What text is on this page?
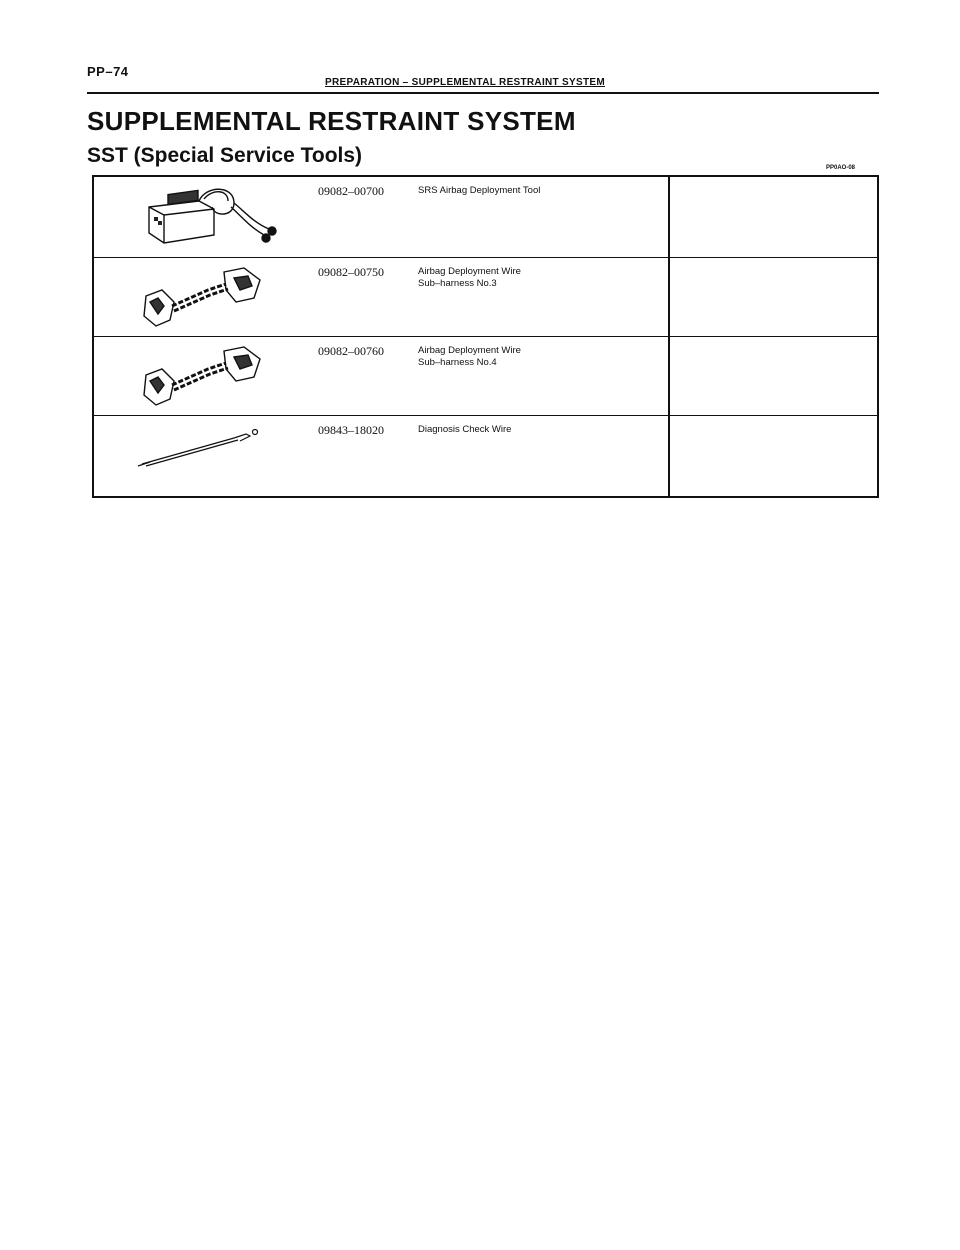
PP–74
PREPARATION – SUPPLEMENTAL RESTRAINT SYSTEM
SUPPLEMENTAL RESTRAINT SYSTEM
SST (Special Service Tools)
PP0AO-08
09082–00700	SRS Airbag Deployment Tool
09082–00750	Airbag Deployment Wire
Sub–harness No.3
09082–00760	Airbag Deployment Wire
Sub–harness No.4
09843–18020	Diagnosis Check Wire
